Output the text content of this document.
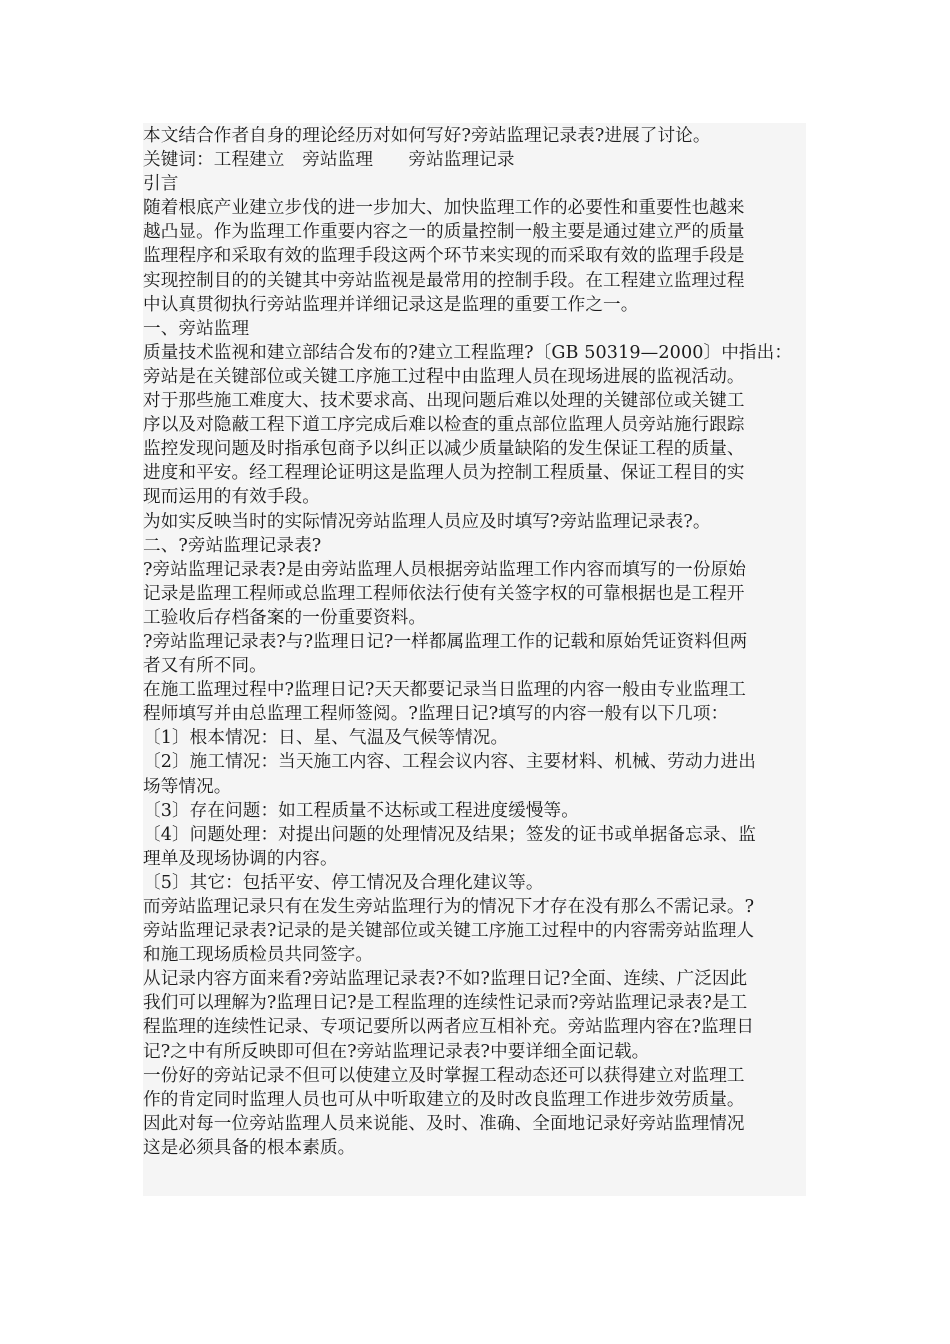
本文结合作者自身的理论经历对如何写好?旁站监理记录表?进展了讨论。
关键词：工程建立　旁站监理　　旁站监理记录
引言
随着根底产业建立步伐的进一步加大、加快监理工作的必要性和重要性也越来
越凸显。作为监理工作重要内容之一的质量控制一般主要是通过建立严的质量
监理程序和采取有效的监理手段这两个环节来实现的而采取有效的监理手段是
实现控制目的的关键其中旁站监视是最常用的控制手段。在工程建立监理过程
中认真贯彻执行旁站监理并详细记录这是监理的重要工作之一。
一、旁站监理
质量技术监视和建立部结合发布的?建立工程监理?〔GB 50319—2000〕中指出：
旁站是在关键部位或关键工序施工过程中由监理人员在现场进展的监视活动。
对于那些施工难度大、技术要求高、出现问题后难以处理的关键部位或关键工
序以及对隐蔽工程下道工序完成后难以检查的重点部位监理人员旁站施行跟踪
监控发现问题及时指承包商予以纠正以减少质量缺陷的发生保证工程的质量、
进度和平安。经工程理论证明这是监理人员为控制工程质量、保证工程目的实
现而运用的有效手段。
为如实反映当时的实际情况旁站监理人员应及时填写?旁站监理记录表?。
二、?旁站监理记录表?
?旁站监理记录表?是由旁站监理人员根据旁站监理工作内容而填写的一份原始
记录是监理工程师或总监理工程师依法行使有关签字权的可靠根据也是工程开
工验收后存档备案的一份重要资料。
?旁站监理记录表?与?监理日记?一样都属监理工作的记载和原始凭证资料但两
者又有所不同。
在施工监理过程中?监理日记?天天都要记录当日监理的内容一般由专业监理工
程师填写并由总监理工程师签阅。?监理日记?填写的内容一般有以下几项：
〔1〕根本情况：日、星、气温及气候等情况。
〔2〕施工情况：当天施工内容、工程会议内容、主要材料、机械、劳动力进出
场等情况。
〔3〕存在问题：如工程质量不达标或工程进度缓慢等。
〔4〕问题处理：对提出问题的处理情况及结果；签发的证书或单据备忘录、监
理单及现场协调的内容。
〔5〕其它：包括平安、停工情况及合理化建议等。
而旁站监理记录只有在发生旁站监理行为的情况下才存在没有那么不需记录。?
旁站监理记录表?记录的是关键部位或关键工序施工过程中的内容需旁站监理人
和施工现场质检员共同签字。
从记录内容方面来看?旁站监理记录表?不如?监理日记?全面、连续、广泛因此
我们可以理解为?监理日记?是工程监理的连续性记录而?旁站监理记录表?是工
程监理的连续性记录、专项记要所以两者应互相补充。旁站监理内容在?监理日
记?之中有所反映即可但在?旁站监理记录表?中要详细全面记载。
一份好的旁站记录不但可以使建立及时掌握工程动态还可以获得建立对监理工
作的肯定同时监理人员也可从中听取建立的及时改良监理工作进步效劳质量。
因此对每一位旁站监理人员来说能、及时、准确、全面地记录好旁站监理情况
这是必须具备的根本素质。
